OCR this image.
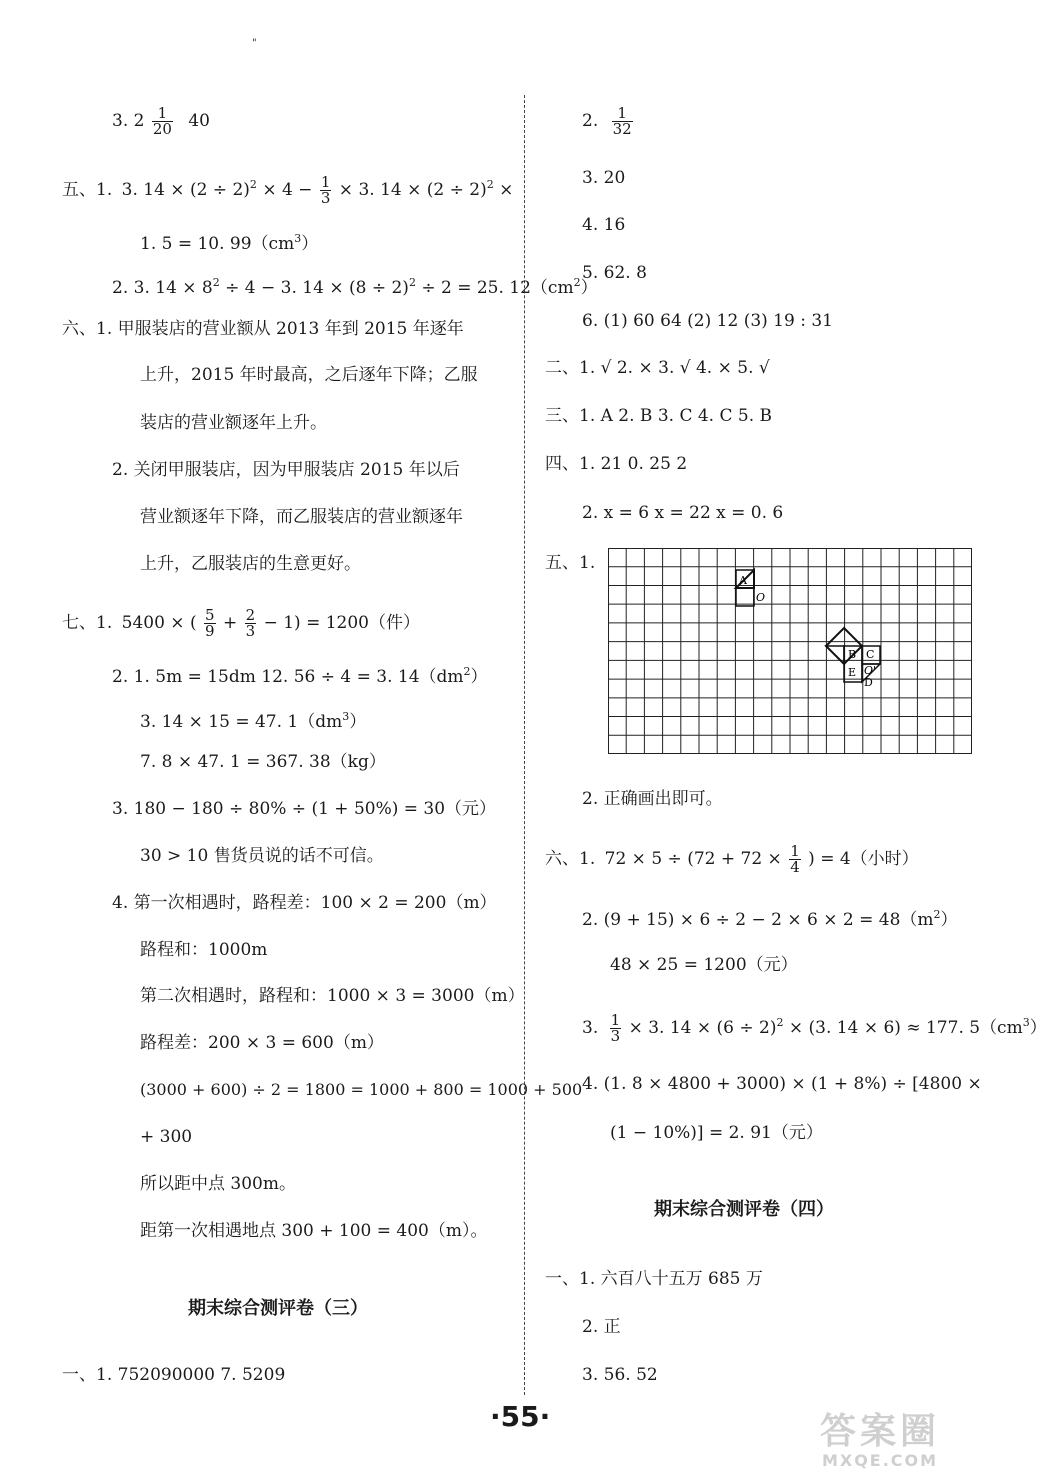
"
3. $2 \frac{1}{20} 40$
五、1. 3. $14 \times (2 \div 2)^2 \times 4 - \frac{1}{3} \times 3$. $14 \times (2 \div 2)^2$ ×
1. 5 = 10. $99(cm^3)$
2. 3. $14 \times 8^2 \div 4 - 3$. $14 \times (8 \div 2)^2 \div 2 = 25$. $12(cm^2)$
六、1. 甲服装店的营业额从 2013 年到 2015 年逐年
上升，2015 年时最高，之后逐年下降；乙服
装店的营业额逐年上升。
2. 关闭甲服装店，因为甲服装店 2015 年以后
营业额逐年下降，而乙服装店的营业额逐年
上升，乙服装店的生意更好。
七、1. 5400 × ( $\frac{5}{9} + \frac{2}{3} - 1) = 1200$（件）
2. 1. 5m = 15dm 12. 56 ÷ 4 = 3. $14(dm^2)$
3. 14 × 15 = 47. $1(dm^3)$
7. 8 × 47. 1 = 367. 38（kg）
3. 180 − 180 ÷ 80% ÷ (1 + 50%) = 30（元）
30 > 10 售货员说的话不可信。
4. 第一次相遇时，路程差：100 × 2 = 200（m）
路程和：1000m
第二次相遇时，路程和：1000 × 3 = 3000（m）
路程差：200 × 3 = 600（m）
(3000 + 600) ÷ 2 = 1800 = 1000 + 800 = 1000 + 500
+ 300
所以距中点 300m。
距第一次相遇地点 300 + 100 = 400（m）。
期末综合测评卷（三）
一、1. 752090000 7. 5209
2. $\frac{1}{32}$
3. 20
4. 16
5. 62. 8
6. (1) 60 64 (2) 12 (3) 19 : 31
二、1. √ 2. × 3. √ 4. × 5. √
三、1. A 2. B 3. C 4. C 5. B
四、1. 21 0. 25 2
2. x = 6 x = 22 x = 0. 6
五、1.
A
O
B C
E O'
D
2. 正确画出即可。
六、1. $72 \times 5 \div (72 + 72 \times \frac{1}{4}$ ) = 4（小时）
2. $(9 + 15) \times 6 \div 2 - 2 \times 6 \times 2 = 48(m^2)$
48 × 25 = 1200（元）
3. $\frac{1}{3} \times 3$. $14 \times (6 \div 2)^2 \times (3$. 14 × 6) ≈ 177. $5(cm^3)$
4. (1. 8 × 4800 + 3000) × (1 + 8%) ÷ [4800 ×
(1 − 10%)] = 2. 91（元）
期末综合测评卷（四）
一、1. 六百八十五万 685 万
2. 正
3. 56. 52
·55·	答案圈
MXQE.COM
